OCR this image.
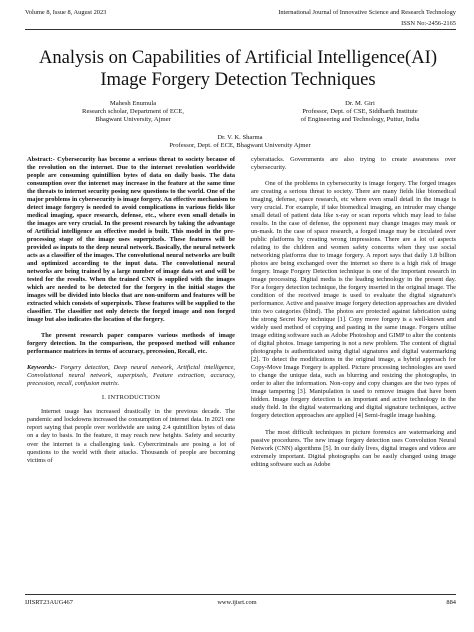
Volume 8, Issue 8, August 2023	International Journal of Innovative Science and Research Technology
ISSN No:-2456-2165
Analysis on Capabilities of Artificial Intelligence(AI) Image Forgery Detection Techniques
Mahesh Enumula
Research scholar, Department of ECE,
Bhagwant University, Ajmer
Dr. M. Giri
Professor, Dept. of CSE, Siddharth Institute
of Engineering and Technology, Puttur, India
Dr. V. K. Sharma
Professor, Dept. of ECE, Bhagwant University Ajmer

Abstract:- Cybersecurity has become a serious threat to society because of the revolution on the internet. Due to the internet revolution worldwide people are consuming quintillion bytes of data on daily basis. The data consumption over the internet may increase in the feature at the same time the threats to internet security posing new questions to the world. One of the major problems in cybersecurity is image forgery. An effective mechanism to detect image forgery is needed to avoid complications in various fields like medical imaging, space research, defense, etc., where even small details in the images are very crucial. In the present research by taking the advantage of Artificial intelligence an effective model is built. This model in the pre-processing stage of the image uses superpixels. These features will be provided as inputs to the deep neural network. Basically, the neural network acts as a classifier of the images. The convolutional neural networks are built and optimized according to the input data. The convolutional neural networks are being trained by a large number of image data set and will be tested for the results. When the trained CNN is supplied with the images which are needed to be detected for the forgery in the initial stages the images will be divided into blocks that are non-uniform and features will be extracted which consists of superpixels. These features will be supplied to the classifier. The classifier not only detects the forged image and non forged image but also indicates the location of the forgery.

The present research paper compares various methods of image forgery detection. In the comparison, the proposed method will enhance performance matrices in terms of accuracy, precession, Recall, etc.

Keywords:- Forgery detection, Deep neural network, Artificial intelligence, Convolutional neural network, superpixels, Feature extraction, accuracy, precession, recall, confusion matrix.

I. INTRODUCTION

Internet usage has increased drastically in the previous decade. The pandemic and lockdowns increased the consumption of internet data. In 2021 one report saying that people over worldwide are using 2.4 quintillion bytes of data on a day to basis. In the feature, it may reach new heights. Safety and security over the internet is a challenging task. Cybercriminals are posing a lot of questions to the world with their attacks. Thousands of people are becoming victims of

cyberattacks. Governments are also trying to create awareness over cybersecurity.

One of the problems in cybersecurity is image forgery. The forged images are creating a serious threat to society. There are many fields like biomedical imaging, defense, space research, etc where even small detail in the image is very crucial. For example, if take biomedical imaging, an intruder may change small detail of patient data like x-ray or scan reports which may lead to false results. In the case of defense, the opponent may change images may mask or un-mask. In the case of space research, a forged image may be circulated over public platforms by creating wrong impressions. There are a lot of aspects relating to the children and women safety concerns when they use social networking platforms due to image forgery. A report says that daily 1.8 billion photos are being exchanged over the internet so there is a high risk of image forgery. Image Forgery Detection technique is one of the important research in image processing. Digital media is the leading technology in the present day. For a forgery detection technique, the forgery inserted in the original image. The condition of the received image is used to evaluate the digital signature's performance. Active and passive image forgery detection approaches are divided into two categories (blind). The photos are protected against fabrication using the strong Secret Key technique [1]. Copy move forgery is a well-known and widely used method of copying and pasting in the same image. Forgers utilise image editing software such as Adobe Photoshop and GIMP to alter the contents of digital photos. Image tampering is not a new problem. The content of digital photographs is authenticated using digital signatures and digital watermarking [2]. To detect the modifications in the original image, a hybrid approach for Copy-Move Image Forgery is applied. Picture processing technologies are used to change the unique data, such as blurring and resizing the photographs, in order to alter the information. Non-copy and copy changes are the two types of image tampering [3]. Manipulation is used to remove images that have been hidden. Image forgery detection is an important and active technology in the study field. In the digital watermarking and digital signature techniques, active forgery detection approaches are applied [4] Semi-fragile image hashing.

The most difficult techniques in picture forensics are watermarking and passive procedures. The new image forgery detection uses Convolution Neural Network (CNN) algorithms [5]. In our daily lives, digital images and videos are extremely important. Digital photographs can be easily changed using image editing software such as Adobe

IJISRT23AUG467	www.ijisrt.com	884
